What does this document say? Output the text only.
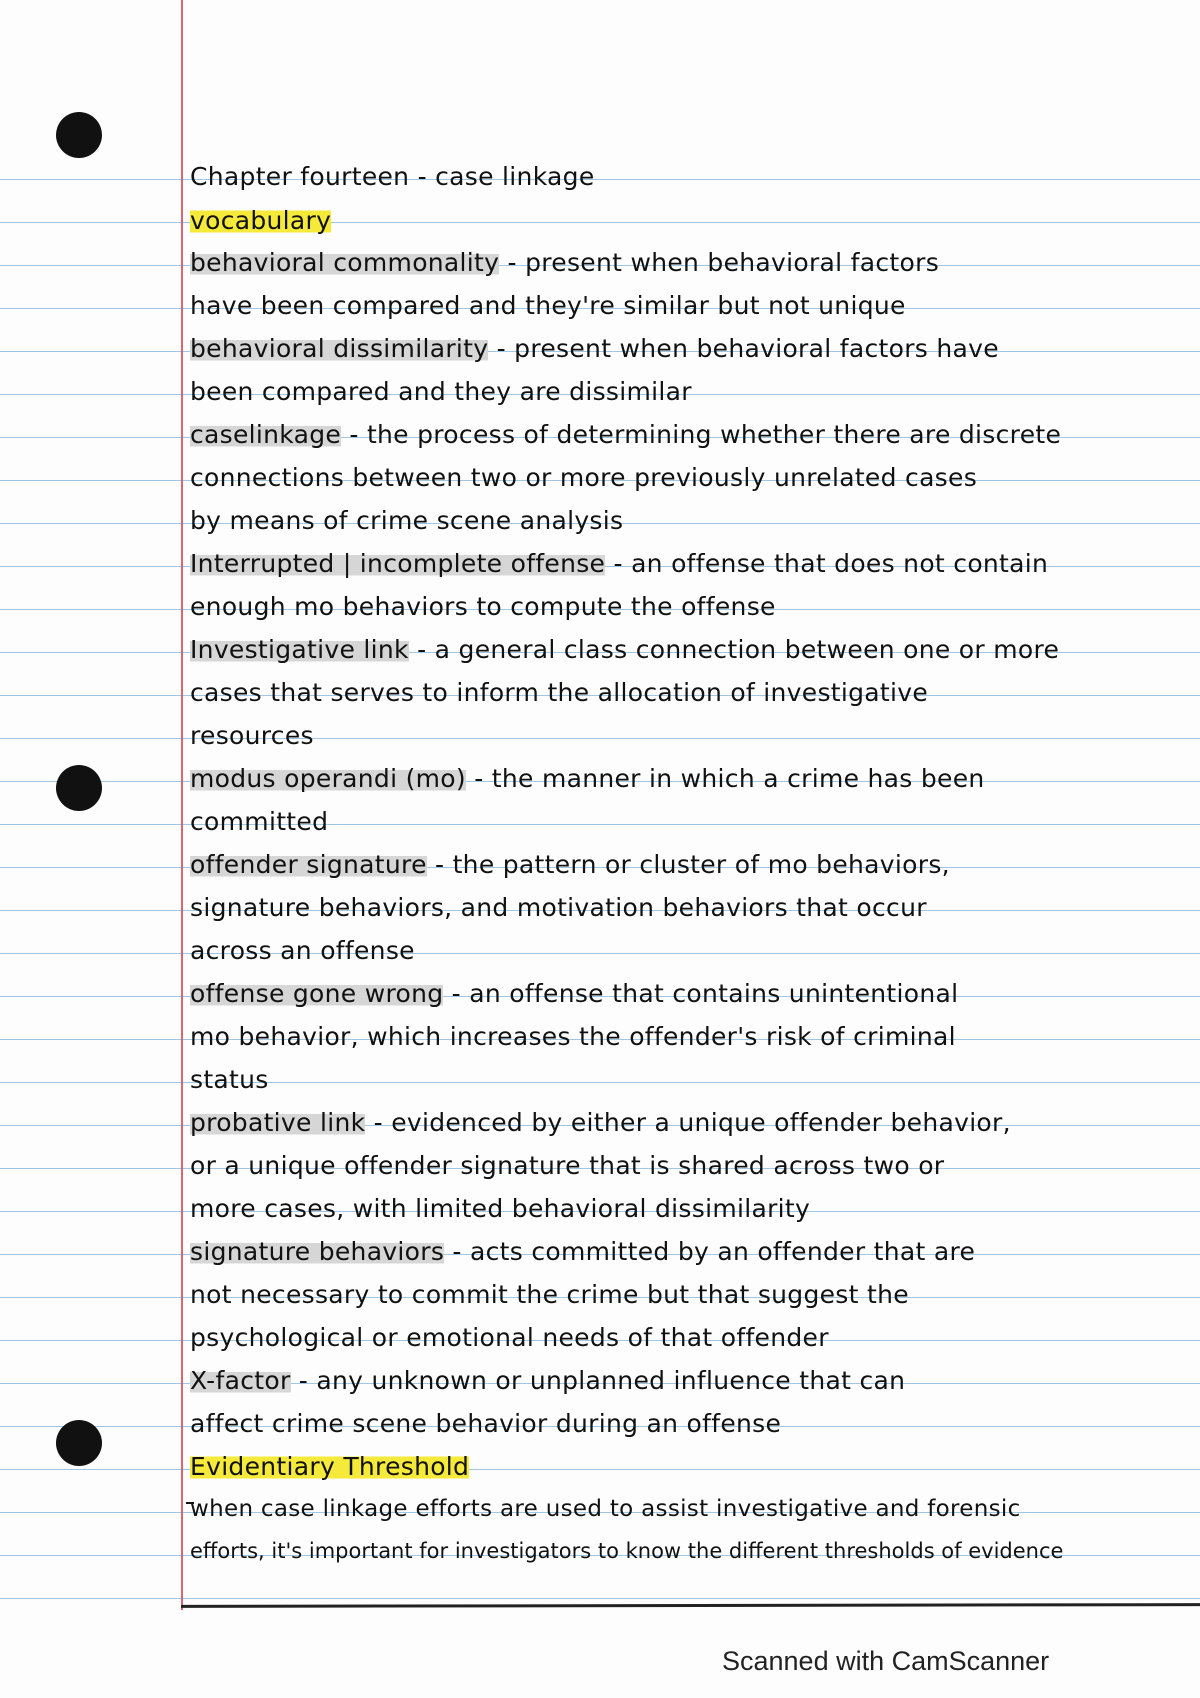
Chapter fourteen - case linkage
vocabulary
behavioral commonality - present when behavioral factors
have been compared and they're similar but not unique
behavioral dissimilarity - present when behavioral factors have
been compared and they are dissimilar
caselinkage - the process of determining whether there are discrete
connections between two or more previously unrelated cases
by means of crime scene analysis
Interrupted | incomplete offense - an offense that does not contain
enough mo behaviors to compute the offense
Investigative link - a general class connection between one or more
cases that serves to inform the allocation of investigative
resources
modus operandi (mo) - the manner in which a crime has been
committed
offender signature - the pattern or cluster of mo behaviors,
signature behaviors, and motivation behaviors that occur
across an offense
offense gone wrong - an offense that contains unintentional
mo behavior, which increases the offender's risk of criminal
status
probative link - evidenced by either a unique offender behavior,
or a unique offender signature that is shared across two or
more cases, with limited behavioral dissimilarity
signature behaviors - acts committed by an offender that are
not necessary to commit the crime but that suggest the
psychological or emotional needs of that offender
X-factor - any unknown or unplanned influence that can
affect crime scene behavior during an offense
Evidentiary Threshold
when case linkage efforts are used to assist investigative and forensic
efforts, it's important for investigators to know the different thresholds of evidence
Scanned with CamScanner
